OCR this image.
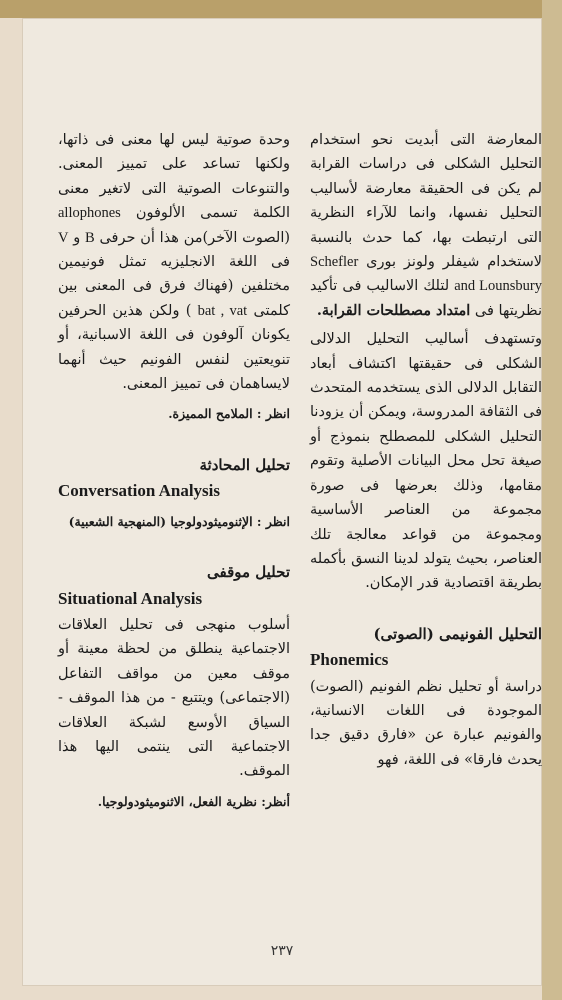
المعارضة التى أبديت نحو استخدام التحليل الشكلى فى دراسات القرابة لم يكن فى الحقيقة معارضة لأساليب التحليل نفسها، وانما للآراء النظرية التى ارتبطت بها، كما حدث بالنسبة لاستخدام شيفلر ولونز بورى Schefler and Lounsbury لتلك الاساليب فى تأكيد نظريتها فى امتداد مصطلحات القرابة.

وتستهدف أساليب التحليل الدلالى الشكلى فى حقيقتها اكتشاف أبعاد التقابل الدلالى الذى يستخدمه المتحدث فى الثقافة المدروسة، ويمكن أن يزودنا التحليل الشكلى للمصطلح بنموذج أو صيغة تحل محل البيانات الأصلية وتقوم مقامها، وذلك بعرضها فى صورة مجموعة من العناصر الأساسية ومجموعة من قواعد معالجة تلك العناصر، بحيث يتولد لدينا النسق بأكمله بطريقة اقتصادية قدر الإمكان.

التحليل الفونيمى (الصوتى)
Phonemics

دراسة أو تحليل نظم الفونيم (الصوت) الموجودة فى اللغات الانسانية، والفونيم عبارة عن «فارق دقيق جدا يحدث فارقا» فى اللغة، فهو

وحدة صوتية ليس لها معنى فى ذاتها، ولكنها تساعد على تمييز المعنى. والتنوعات الصوتية التى لاتغير معنى الكلمة تسمى الألوفون allophones (الصوت الآخر)من هذا أن حرفى B و V فى اللغة الانجليزيه تمثل فونيمين مختلفين (فهناك فرق فى المعنى بين كلمتى bat , vat ) ولكن هذين الحرفين يكونان آلوفون فى اللغة الاسبانية، أو تنويعتين لنفس الفونيم حيث أنهما لايساهمان فى تمييز المعنى.

انظر : الملامح المميزة.
تحليل المحادثة
Conversation Analysis
انظر : الإثنوميثودولوجيا (المنهجية الشعبية)
تحليل موقفى
Situational Analysis

أسلوب منهجى فى تحليل العلاقات الاجتماعية ينطلق من لحظة معينة أو موقف معين من مواقف التفاعل (الاجتماعى) ويتتبع - من هذا الموقف - السياق الأوسع لشبكة العلاقات الاجتماعية التى ينتمى اليها هذا الموقف.

أنظر: نظرية الفعل، الاثنوميثودولوجيا.
٢٣٧
